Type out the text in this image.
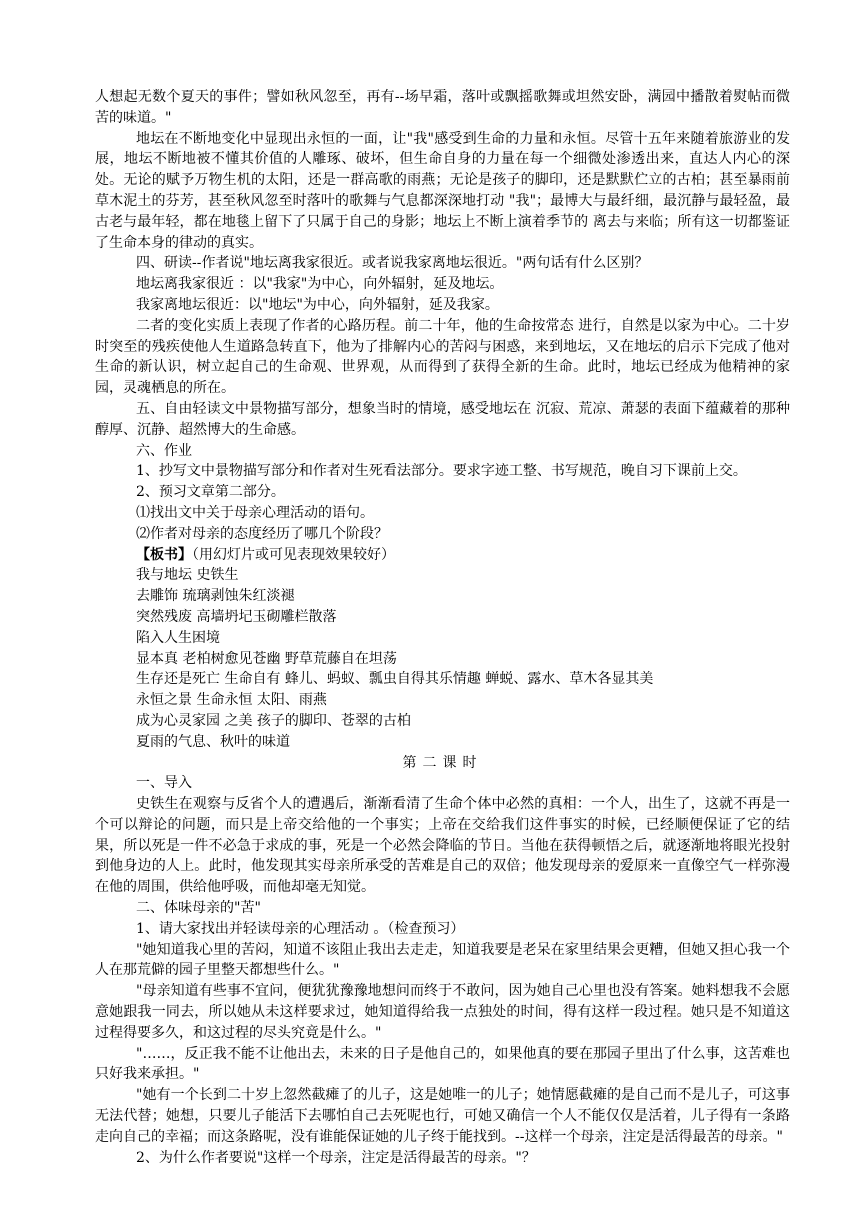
人想起无数个夏天的事件；譬如秋风忽至，再有--场早霜，落叶或飘摇歌舞或坦然安卧，满园中播散着熨帖而微苦的味道。"

地坛在不断地变化中显现出永恒的一面，让"我"感受到生命的力量和永恒。尽管十五年来随着旅游业的发展，地坛不断地被不懂其价值的人雕琢、破坏，但生命自身的力量在每一个细微处渗透出来，直达人内心的深处。无论的赋予万物生机的太阳，还是一群高歌的雨燕；无论是孩子的脚印，还是默默伫立的古柏；甚至暴雨前草木泥土的芬芳，甚至秋风忽至时落叶的歌舞与气息都深深地打动 "我"；最博大与最纤细，最沉静与最轻盈，最古老与最年轻，都在地毯上留下了只属于自己的身影；地坛上不断上演着季节的 离去与来临；所有这一切都鉴证了生命本身的律动的真实。

四、研读--作者说"地坛离我家很近。或者说我家离地坛很近。"两句话有什么区别？

地坛离我家很近 ：以"我家"为中心，向外辐射，延及地坛。

我家离地坛很近：以"地坛"为中心，向外辐射，延及我家。

二者的变化实质上表现了作者的心路历程。前二十年，他的生命按常态 进行，自然是以家为中心。二十岁时突至的残疾使他人生道路急转直下，他为了排解内心的苦闷与困惑，来到地坛，又在地坛的启示下完成了他对生命的新认识，树立起自己的生命观、世界观，从而得到了获得全新的生命。此时，地坛已经成为他精神的家园，灵魂栖息的所在。

五、自由轻读文中景物描写部分，想象当时的情境，感受地坛在 沉寂、荒凉、萧瑟的表面下蕴藏着的那种醇厚、沉静、超然博大的生命感。

六、作业

1、抄写文中景物描写部分和作者对生死看法部分。要求字迹工整、书写规范，晚自习下课前上交。

2、预习文章第二部分。

⑴找出文中关于母亲心理活动的语句。

⑵作者对母亲的态度经历了哪几个阶段？

【板书】（用幻灯片或可见表现效果较好）

我与地坛 史铁生

去雕饰 琉璃剥蚀朱红淡褪

突然残废 高墙坍圮玉砌雕栏散落

陷入人生困境

显本真 老柏树愈见苍幽 野草荒藤自在坦荡

生存还是死亡 生命自有 蜂儿、蚂蚁、瓢虫自得其乐情趣 蝉蜕、露水、草木各显其美

永恒之景 生命永恒 太阳、雨燕

成为心灵家园 之美 孩子的脚印、苍翠的古柏

夏雨的气息、秋叶的味道

第二课时

一、导入

史铁生在观察与反省个人的遭遇后，渐渐看清了生命个体中必然的真相：一个人，出生了，这就不再是一个可以辩论的问题，而只是上帝交给他的一个事实；上帝在交给我们这件事实的时候，已经顺便保证了它的结果，所以死是一件不必急于求成的事，死是一个必然会降临的节日。当他在获得顿悟之后，就逐渐地将眼光投射到他身边的人上。此时，他发现其实母亲所承受的苦难是自己的双倍；他发现母亲的爱原来一直像空气一样弥漫在他的周围，供给他呼吸，而他却毫无知觉。

二、体味母亲的"苦"

1、请大家找出并轻读母亲的心理活动 。（检查预习）

"她知道我心里的苦闷，知道不该阻止我出去走走，知道我要是老呆在家里结果会更糟，但她又担心我一个人在那荒僻的园子里整天都想些什么。"

"母亲知道有些事不宜问，便犹犹豫豫地想问而终于不敢问，因为她自己心里也没有答案。她料想我不会愿意她跟我一同去，所以她从未这样要求过，她知道得给我一点独处的时间，得有这样一段过程。她只是不知道这过程得要多久，和这过程的尽头究竟是什么。"

"……，反正我不能不让他出去，未来的日子是他自己的，如果他真的要在那园子里出了什么事，这苦难也只好我来承担。"

"她有一个长到二十岁上忽然截瘫了的儿子，这是她唯一的儿子；她情愿截瘫的是自己而不是儿子，可这事无法代替；她想，只要儿子能活下去哪怕自己去死呢也行，可她又确信一个人不能仅仅是活着，儿子得有一条路走向自己的幸福；而这条路呢，没有谁能保证她的儿子终于能找到。--这样一个母亲，注定是活得最苦的母亲。"

2、为什么作者要说"这样一个母亲，注定是活得最苦的母亲。"？
